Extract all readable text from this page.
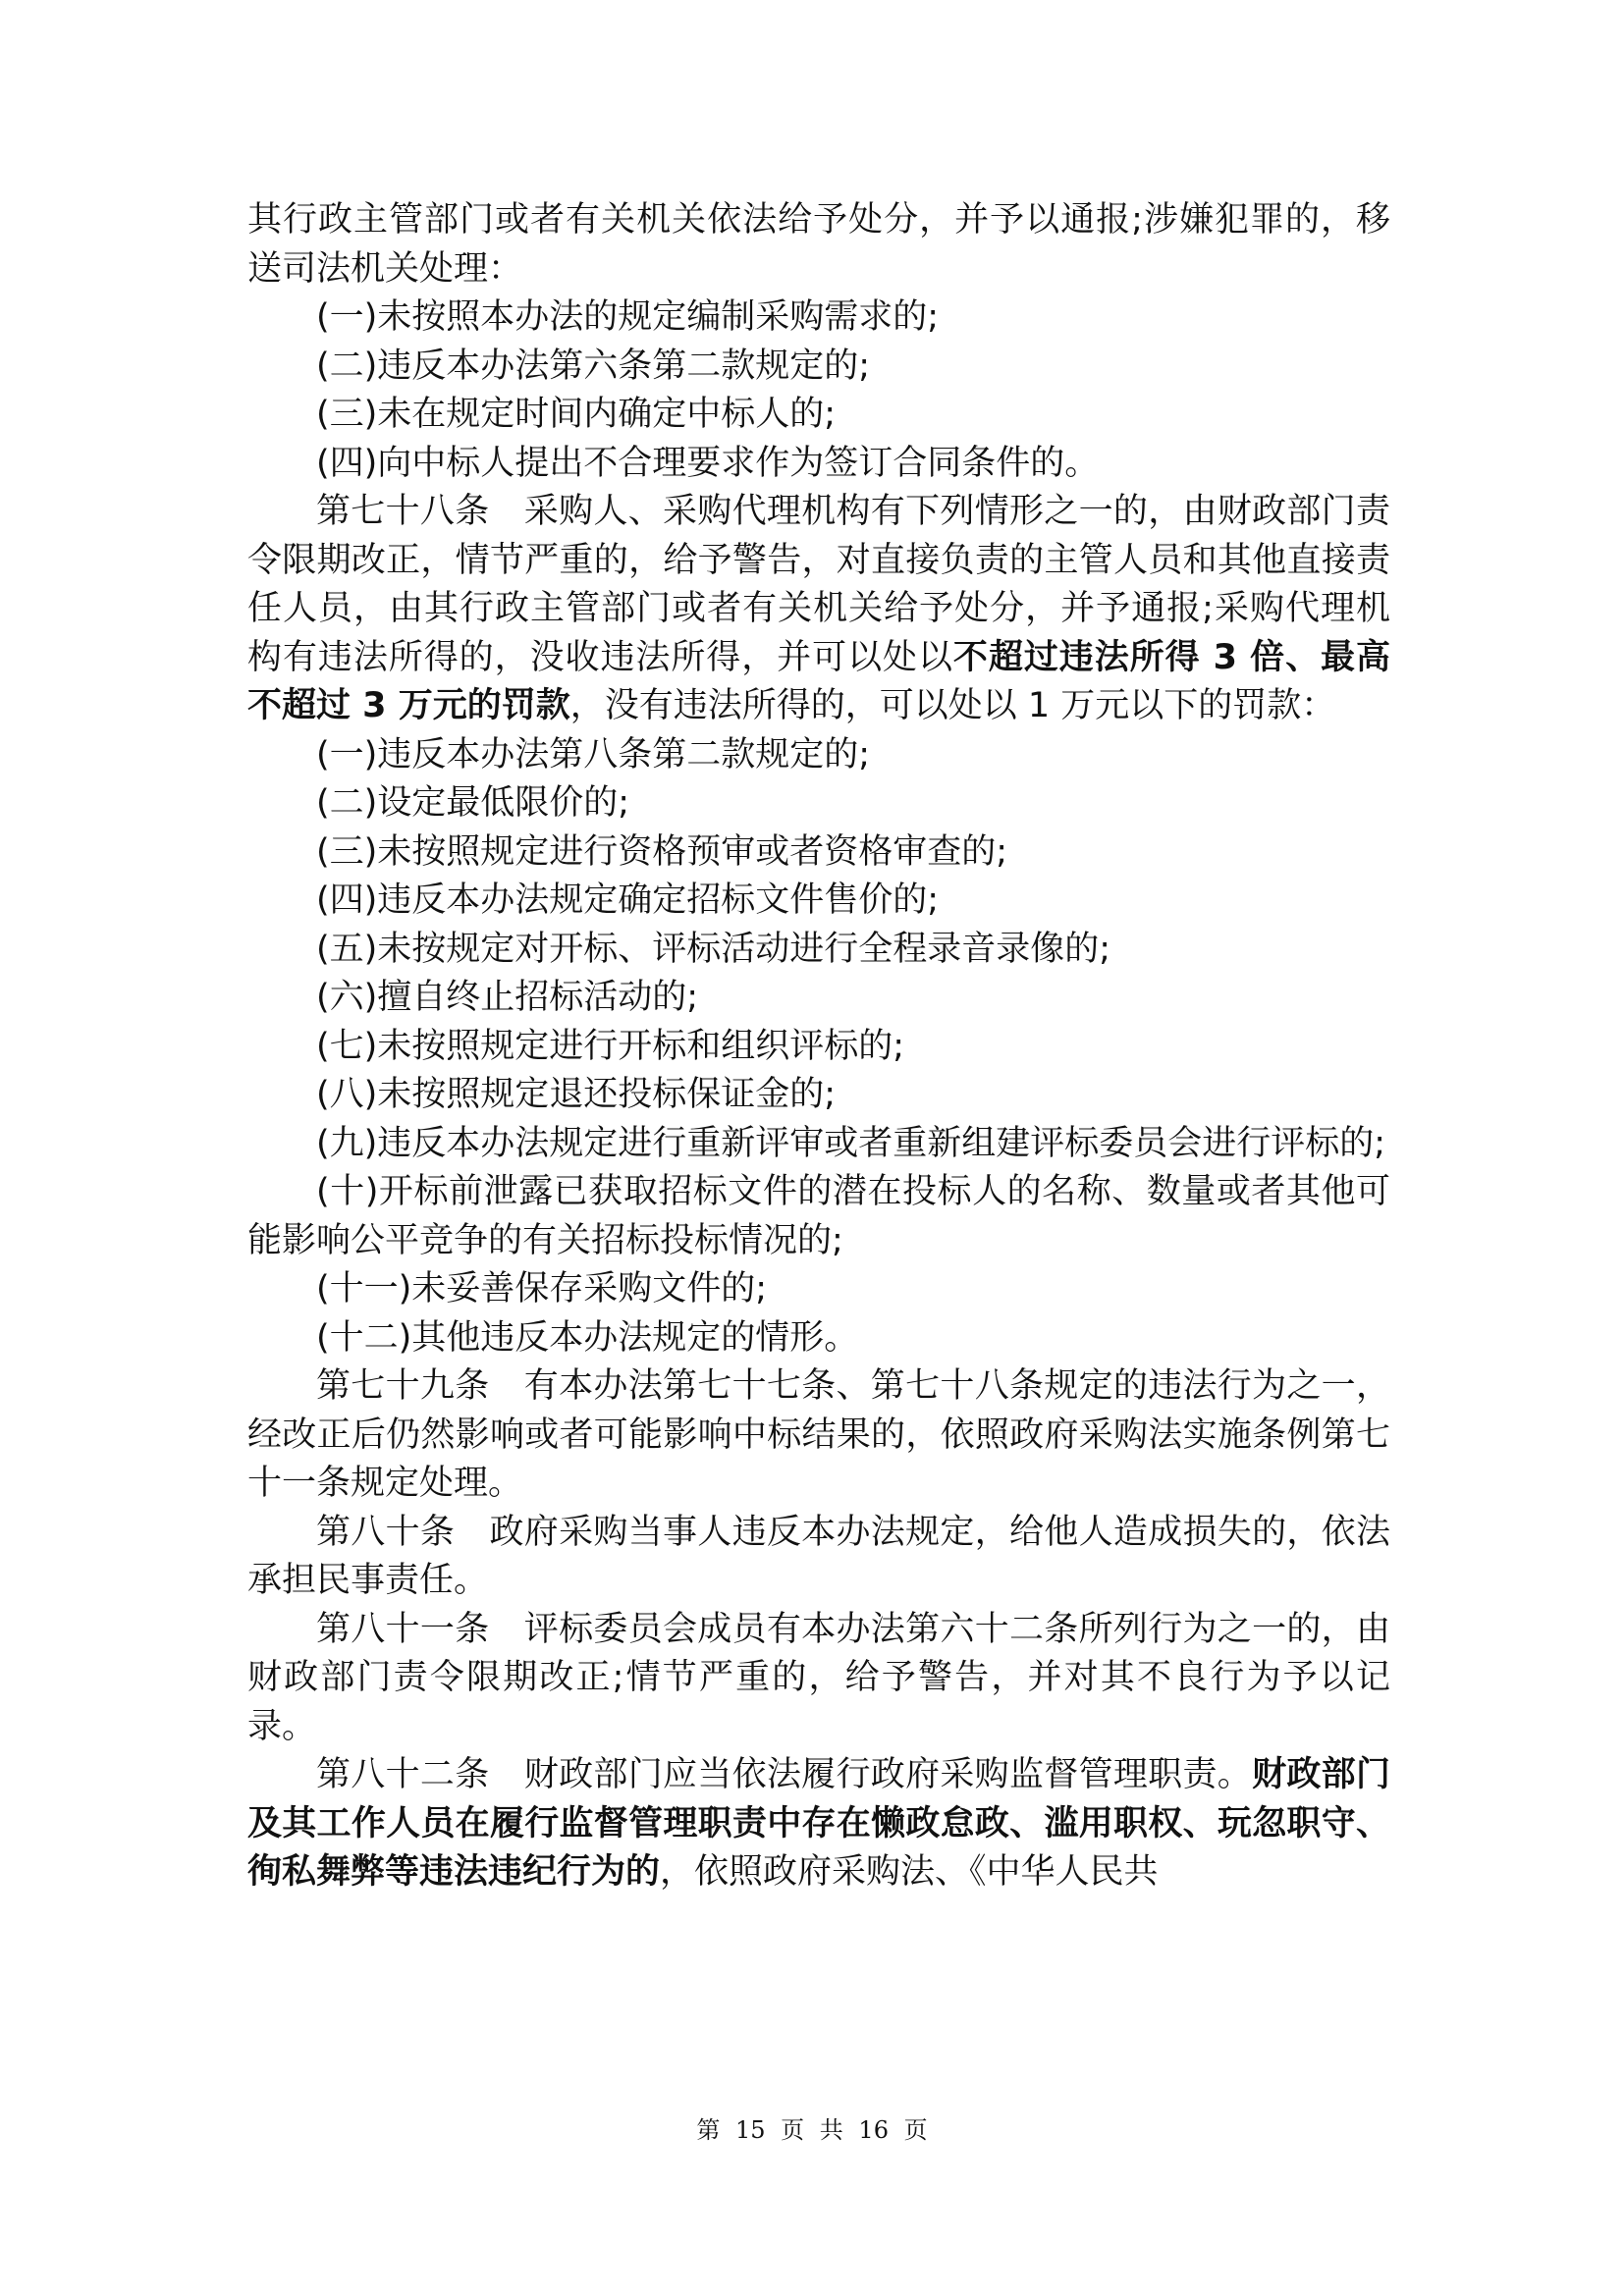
其行政主管部门或者有关机关依法给予处分，并予以通报;涉嫌犯罪的，移送司法机关处理：

(一)未按照本办法的规定编制采购需求的;

(二)违反本办法第六条第二款规定的;

(三)未在规定时间内确定中标人的;

(四)向中标人提出不合理要求作为签订合同条件的。

第七十八条　采购人、采购代理机构有下列情形之一的，由财政部门责令限期改正，情节严重的，给予警告，对直接负责的主管人员和其他直接责任人员，由其行政主管部门或者有关机关给予处分，并予通报;采购代理机构有违法所得的，没收违法所得，并可以处以不超过违法所得 3 倍、最高不超过 3 万元的罚款，没有违法所得的，可以处以 1 万元以下的罚款：

(一)违反本办法第八条第二款规定的;

(二)设定最低限价的;

(三)未按照规定进行资格预审或者资格审查的;

(四)违反本办法规定确定招标文件售价的;

(五)未按规定对开标、评标活动进行全程录音录像的;

(六)擅自终止招标活动的;

(七)未按照规定进行开标和组织评标的;

(八)未按照规定退还投标保证金的;

(九)违反本办法规定进行重新评审或者重新组建评标委员会进行评标的;

(十)开标前泄露已获取招标文件的潜在投标人的名称、数量或者其他可能影响公平竞争的有关招标投标情况的;

(十一)未妥善保存采购文件的;

(十二)其他违反本办法规定的情形。

第七十九条　有本办法第七十七条、第七十八条规定的违法行为之一，经改正后仍然影响或者可能影响中标结果的，依照政府采购法实施条例第七十一条规定处理。

第八十条　政府采购当事人违反本办法规定，给他人造成损失的，依法承担民事责任。

第八十一条　评标委员会成员有本办法第六十二条所列行为之一的，由财政部门责令限期改正;情节严重的，给予警告，并对其不良行为予以记录。

第八十二条　财政部门应当依法履行政府采购监督管理职责。财政部门及其工作人员在履行监督管理职责中存在懒政怠政、滥用职权、玩忽职守、徇私舞弊等违法违纪行为的，依照政府采购法、《中华人民共

第 15 页 共 16 页
